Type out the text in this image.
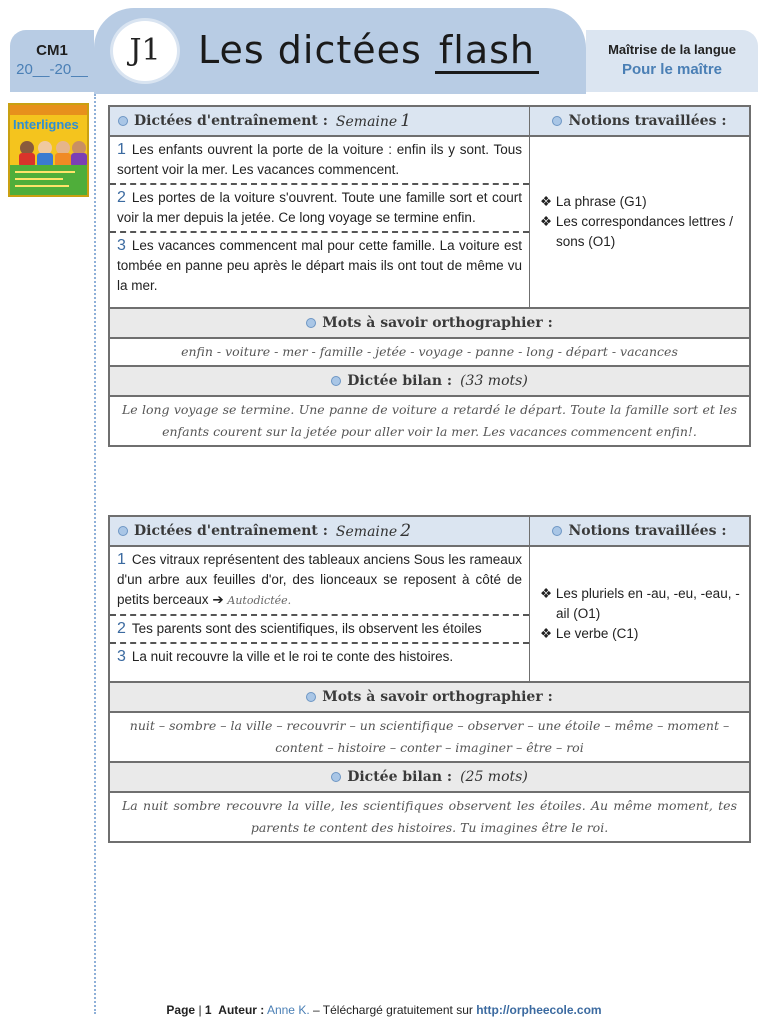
CM1
20__-20__
J1 Les dictées flash	Maîtrise de la langue
Pour le maître
Interlignes	Dictées d'entraînement : Semaine 1	Notions travaillées :
1 Les enfants ouvrent la porte de la voiture : enfin ils y sont. Tous sortent voir la mer. Les vacances commencent.
2 Les portes de la voiture s'ouvrent. Toute une famille sort et court voir la mer depuis la jetée. Ce long voyage se termine enfin.
3 Les vacances commencent mal pour cette famille. La voiture est tombée en panne peu après le départ mais ils ont tout de même vu la mer.
❖ La phrase (G1)
❖ Les correspondances lettres / sons (O1)
Mots à savoir orthographier :
enfin - voiture - mer - famille - jetée - voyage - panne - long - départ - vacances
Dictée bilan : (33 mots)
Le long voyage se termine. Une panne de voiture a retardé le départ. Toute la famille sort et les enfants courent sur la jetée pour aller voir la mer. Les vacances commencent enfin!.
Dictées d'entraînement : Semaine 2	Notions travaillées :
1 Ces vitraux représentent des tableaux anciens Sous les rameaux d'un arbre aux feuilles d'or, des lionceaux se reposent à côté de petits berceaux ➔ Autodictée.
2 Tes parents sont des scientifiques, ils observent les étoiles
3 La nuit recouvre la ville et le roi te conte des histoires.
❖ Les pluriels en -au, -eu, -eau, -ail (O1)
❖ Le verbe (C1)
Mots à savoir orthographier :
nuit – sombre – la ville – recouvrir – un scientifique – observer – une étoile – même – moment – content – histoire – conter – imaginer – être – roi
Dictée bilan : (25 mots)
La nuit sombre recouvre la ville, les scientifiques observent les étoiles. Au même moment, tes parents te content des histoires. Tu imagines être le roi.
Page | 1 Auteur : Anne K. – Téléchargé gratuitement sur http://orpheecole.com
